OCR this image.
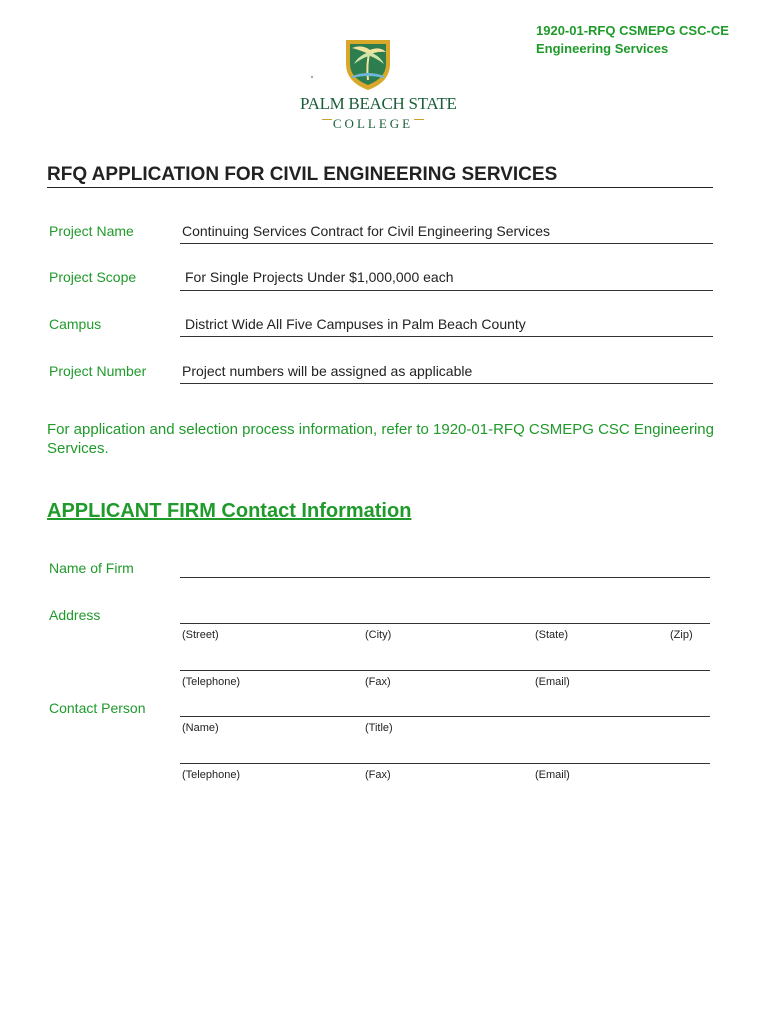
1920-01-RFQ CSMEPG CSC-CE
Engineering Services
PALM BEACH STATE
COLLEGE
RFQ APPLICATION FOR CIVIL ENGINEERING SERVICES
Project Name	Continuing Services Contract for Civil Engineering Services
Project Scope	For Single Projects Under $1,000,000 each
Campus	District Wide All Five Campuses in Palm Beach County
Project Number	Project numbers will be assigned as applicable
For application and selection process information, refer to 1920-01-RFQ CSMEPG CSC Engineering Services.
APPLICANT FIRM Contact Information
Name of Firm
Address
(Street)	(City)	(State)	(Zip)
(Telephone)	(Fax)	(Email)
Contact Person
(Name)	(Title)
(Telephone)	(Fax)	(Email)
